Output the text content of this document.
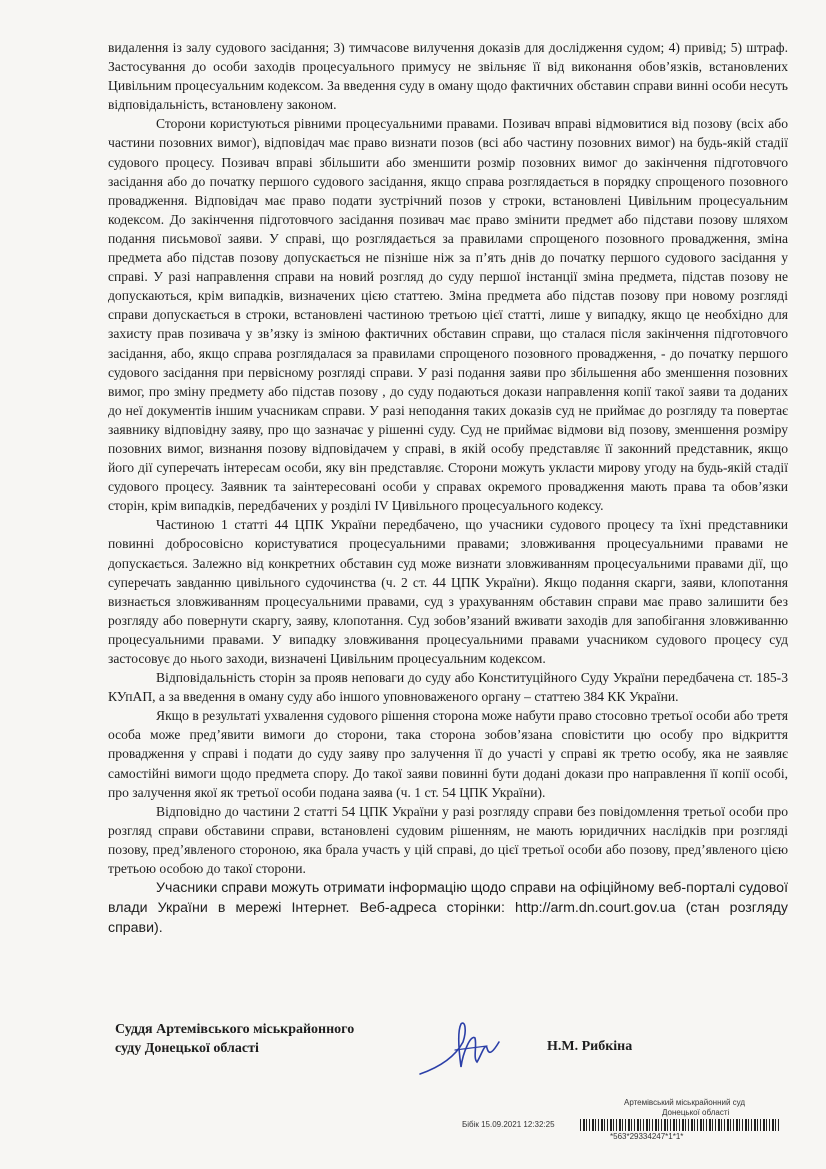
видалення із залу судового засідання; 3) тимчасове вилучення доказів для дослідження судом; 4) привід; 5) штраф. Застосування до особи заходів процесуального примусу не звільняє її від виконання обов’язків, встановлених Цивільним процесуальним кодексом. За введення суду в оману щодо фактичних обставин справи винні особи несуть відповідальність, встановлену законом.

Сторони користуються рівними процесуальними правами. Позивач вправі відмовитися від позову (всіх або частини позовних вимог), відповідач має право визнати позов (всі або частину позовних вимог) на будь-якій стадії судового процесу. Позивач вправі збільшити або зменшити розмір позовних вимог до закінчення підготовчого засідання або до початку першого судового засідання, якщо справа розглядається в порядку спрощеного позовного провадження. Відповідач має право подати зустрічний позов у строки, встановлені Цивільним процесуальним кодексом. До закінчення підготовчого засідання позивач має право змінити предмет або підстави позову шляхом подання письмової заяви. У справі, що розглядається за правилами спрощеного позовного провадження, зміна предмета або підстав позову допускається не пізніше ніж за п’ять днів до початку першого судового засідання у справі. У разі направлення справи на новий розгляд до суду першої інстанції зміна предмета, підстав позову не допускаються, крім випадків, визначених цією статтею. Зміна предмета або підстав позову при новому розгляді справи допускається в строки, встановлені частиною третьою цієї статті, лише у випадку, якщо це необхідно для захисту прав позивача у зв’язку із зміною фактичних обставин справи, що сталася після закінчення підготовчого засідання, або, якщо справа розглядалася за правилами спрощеного позовного провадження, - до початку першого судового засідання при первісному розгляді справи. У разі подання заяви про збільшення або зменшення позовних вимог, про зміну предмету або підстав позову , до суду подаються докази направлення копії такої заяви та доданих до неї документів іншим учасникам справи. У разі неподання таких доказів суд не приймає до розгляду та повертає заявнику відповідну заяву, про що зазначає у рішенні суду. Суд не приймає відмови від позову, зменшення розміру позовних вимог, визнання позову відповідачем у справі, в якій особу представляє її законний представник, якщо його дії суперечать інтересам особи, яку він представляє. Сторони можуть укласти мирову угоду на будь-якій стадії судового процесу. Заявник та заінтересовані особи у справах окремого провадження мають права та обов’язки сторін, крім випадків, передбачених у розділі IV Цивільного процесуального кодексу.

Частиною 1 статті 44 ЦПК України передбачено, що учасники судового процесу та їхні представники повинні добросовісно користуватися процесуальними правами; зловживання процесуальними правами не допускається. Залежно від конкретних обставин суд може визнати зловживанням процесуальними правами дії, що суперечать завданню цивільного судочинства (ч. 2 ст. 44 ЦПК України). Якщо подання скарги, заяви, клопотання визнається зловживанням процесуальними правами, суд з урахуванням обставин справи має право залишити без розгляду або повернути скаргу, заяву, клопотання. Суд зобов’язаний вживати заходів для запобігання зловживанню процесуальними правами. У випадку зловживання процесуальними правами учасником судового процесу суд застосовує до нього заходи, визначені Цивільним процесуальним кодексом.

Відповідальність сторін за прояв неповаги до суду або Конституційного Суду України передбачена ст. 185-3 КУпАП, а за введення в оману суду або іншого уповноваженого органу – статтею 384 КК України.

Якщо в результаті ухвалення судового рішення сторона може набути право стосовно третьої особи або третя особа може пред’явити вимоги до сторони, така сторона зобов’язана сповістити цю особу про відкриття провадження у справі і подати до суду заяву про залучення її до участі у справі як третю особу, яка не заявляє самостійні вимоги щодо предмета спору. До такої заяви повинні бути додані докази про направлення її копії особі, про залучення якої як третьої особи подана заява (ч. 1 ст. 54 ЦПК України).

Відповідно до частини 2 статті 54 ЦПК України у разі розгляду справи без повідомлення третьої особи про розгляд справи обставини справи, встановлені судовим рішенням, не мають юридичних наслідків при розгляді позову, пред’явленого стороною, яка брала участь у цій справі, до цієї третьої особи або позову, пред’явленого цією третьою особою до такої сторони.

Учасники справи можуть отримати інформацію щодо справи на офіційному веб-порталі судової влади України в мережі Інтернет. Веб-адреса сторінки: http://arm.dn.court.gov.ua (стан розгляду справи).

Суддя Артемівського міськрайонного
суду Донецької області	Н.М. Рибкіна
Артемівський міськрайонний суд
Донецької області
Бібік 15.09.2021 12:32:25
*563*29334247*1*1*
